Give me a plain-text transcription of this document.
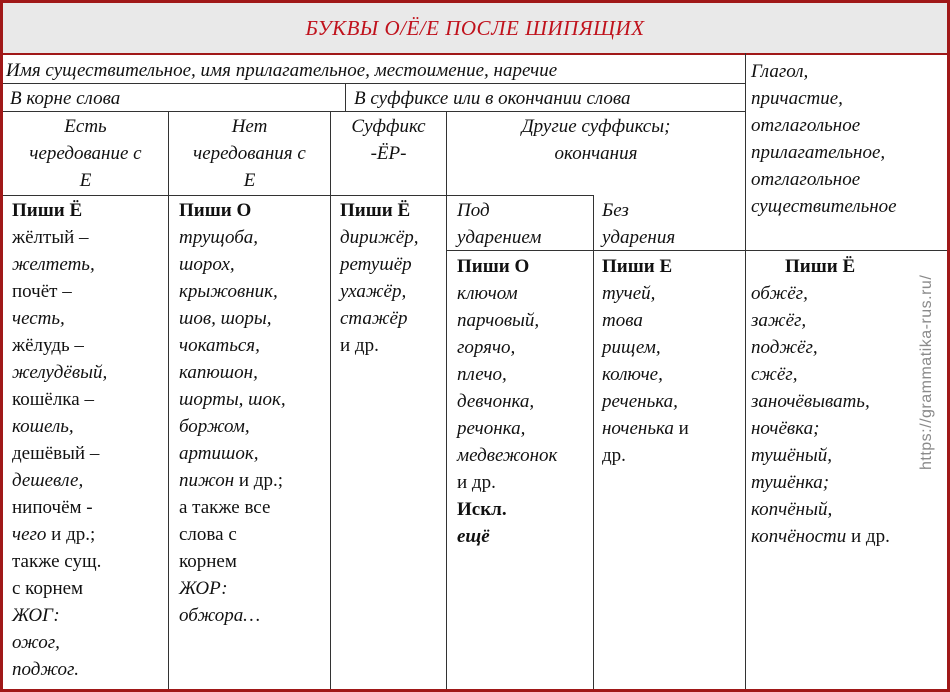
БУКВЫ О/Ё/Е ПОСЛЕ ШИПЯЩИХ
Имя существительное, имя прилагательное, местоимение, наречие
В корне слова	В суффиксе или в окончании слова
Глагол,
причастие,
отглагольное
прилагательное,
отглагольное
существительное
Есть
чередование с
Е
Нет
чередования с
Е
Суффикс
-ЁР-
Другие суффиксы;
окончания
Под
ударением
Без
ударения
Пиши Ё
жёлтый –
желтеть,
почёт –
честь,
жёлудь –
желудёвый,
кошёлка –
кошель,
дешёвый –
дешевле,
нипочём -
чего и др.;
также сущ.
с корнем
ЖОГ:
ожог,
поджог.
Пиши О
трущоба,
шорох,
крыжовник,
шов, шоры,
чокаться,
капюшон,
шорты, шок,
боржом,
артишок,
пижон и др.;
а также все
слова с
корнем
ЖОР:
обжора…
Пиши Ё
дирижёр,
ретушёр
ухажёр,
стажёр
и др.
Пиши О
ключом
парчовый,
горячо,
плечо,
девчонка,
речонка,
медвежонок
и др.
Искл.
ещё
Пиши Е
тучей,
това
рищем,
колюче,
реченька,
ноченька и
др.
Пиши Ё
обжёг,
зажёг,
поджёг,
сжёг,
заночёвывать,
ночёвка;
тушёный,
тушёнка;
копчёный,
копчёности и др.
https://grammatika-rus.ru/
